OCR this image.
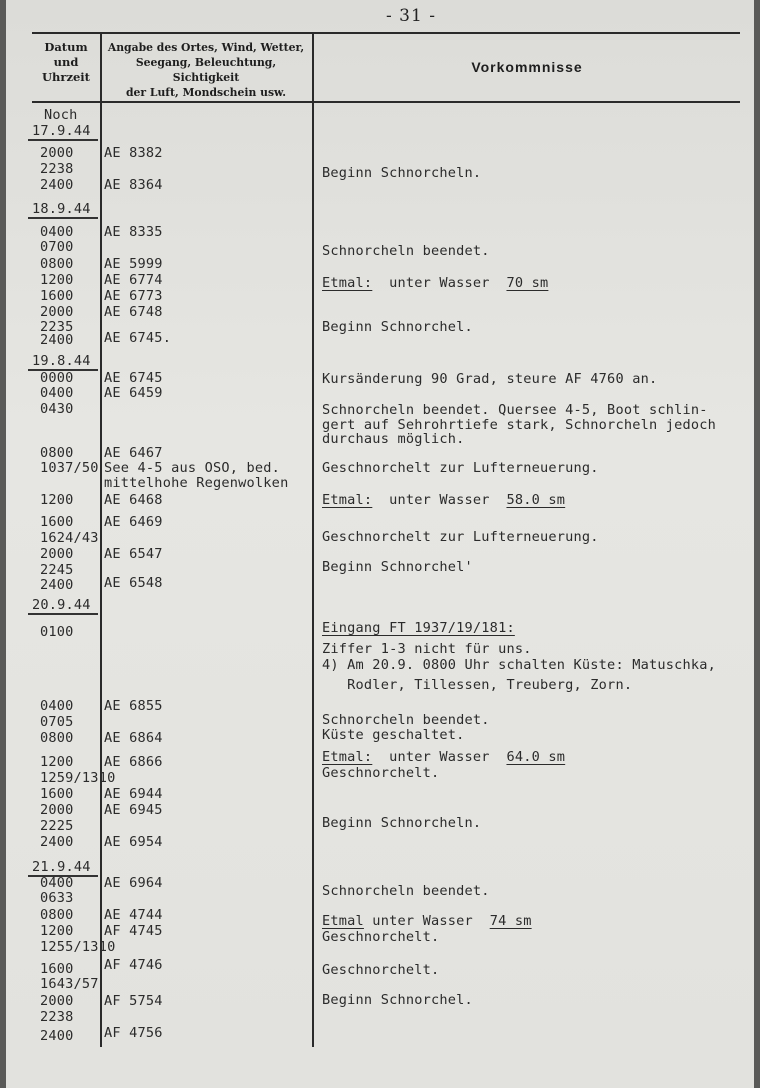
- 31 -
Datum
und
Uhrzeit
Angabe des Ortes, Wind, Wetter,
Seegang, Beleuchtung, Sichtigkeit
der Luft, Mondschein usw.
Vorkommnisse
Noch
17.9.44
18.9.44
19.8.44
20.9.44
21.9.44
2000
2238
2400
0400
0700
0800
1200
1600
2000
2235
2400
0000
0400
0430
0800
1037/50
1200
1600
1624/43
2000
2245
2400
0100
0400
0705
0800
1200
1259/1310
1600
2000
2225
2400
0400
0633
0800
1200
1255/1310
1600
1643/57
2000
2238
2400
AE 8382
AE 8364
AE 8335
AE 5999
AE 6774
AE 6773
AE 6748
AE 6745.
AE 6745
AE 6459
AE 6467
See 4-5 aus OSO, bed.
mittelhohe Regenwolken
AE 6468
AE 6469
AE 6547
AE 6548
AE 6855
AE 6864
AE 6866
AE 6944
AE 6945
AE 6954
AE 6964
AE 4744
AF 4745
AF 4746
AF 5754
AF 4756
Beginn Schnorcheln.
Schnorcheln beendet.
Etmal:  unter Wasser  70 sm
Beginn Schnorchel.
Kursänderung 90 Grad, steure AF 4760 an.
Schnorcheln beendet. Quersee 4-5, Boot schlin-
gert auf Sehrohrtiefe stark, Schnorcheln jedoch
durchaus möglich.
Geschnorchelt zur Lufterneuerung.
Etmal:  unter Wasser  58.0 sm
Geschnorchelt zur Lufterneuerung.
Beginn Schnorchel'
Eingang FT 1937/19/181:
Ziffer 1-3 nicht für uns.
4) Am 20.9. 0800 Uhr schalten Küste: Matuschka,
Rodler, Tillessen, Treuberg, Zorn.
Schnorcheln beendet.
Küste geschaltet.
Etmal:  unter Wasser  64.0 sm
Geschnorchelt.
Beginn Schnorcheln.
Schnorcheln beendet.
Etmal unter Wasser  74 sm
Geschnorchelt.
Geschnorchelt.
Beginn Schnorchel.
